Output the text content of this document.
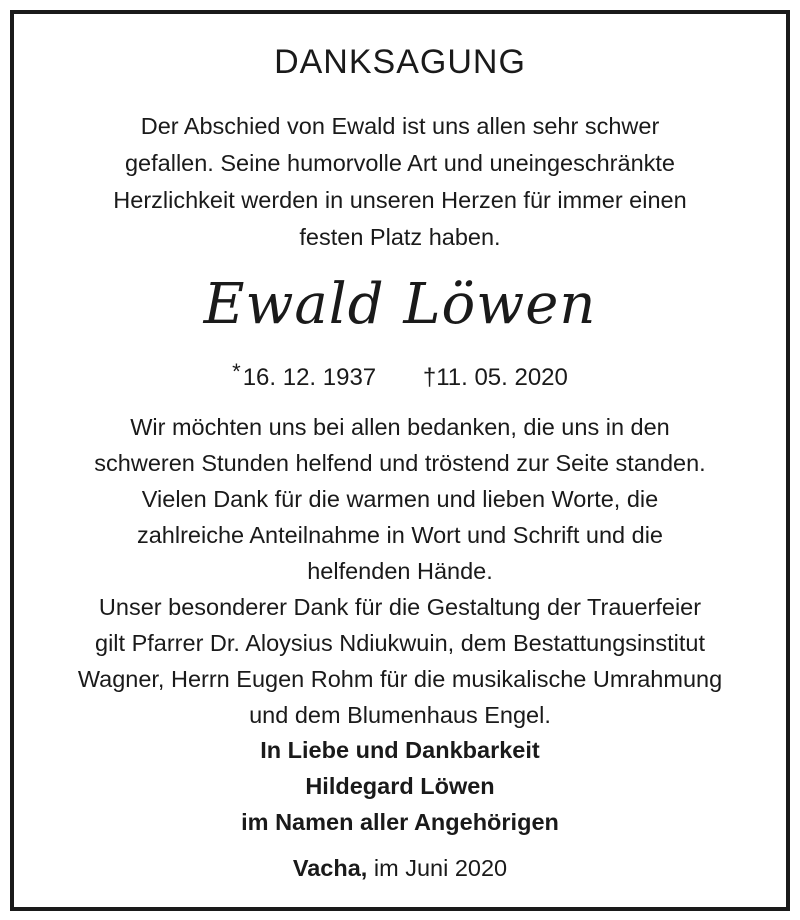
DANKSAGUNG
Der Abschied von Ewald ist uns allen sehr schwer
gefallen. Seine humorvolle Art und uneingeschränkte
Herzlichkeit werden in unseren Herzen für immer einen
festen Platz haben.
Ewald Löwen
*16. 12. 1937 †11. 05. 2020
Wir möchten uns bei allen bedanken, die uns in den
schweren Stunden helfend und tröstend zur Seite standen.
Vielen Dank für die warmen und lieben Worte, die
zahlreiche Anteilnahme in Wort und Schrift und die
helfenden Hände.
Unser besonderer Dank für die Gestaltung der Trauerfeier
gilt Pfarrer Dr. Aloysius Ndiukwuin, dem Bestattungsinstitut
Wagner, Herrn Eugen Rohm für die musikalische Umrahmung
und dem Blumenhaus Engel.
In Liebe und Dankbarkeit
Hildegard Löwen
im Namen aller Angehörigen
Vacha, im Juni 2020
